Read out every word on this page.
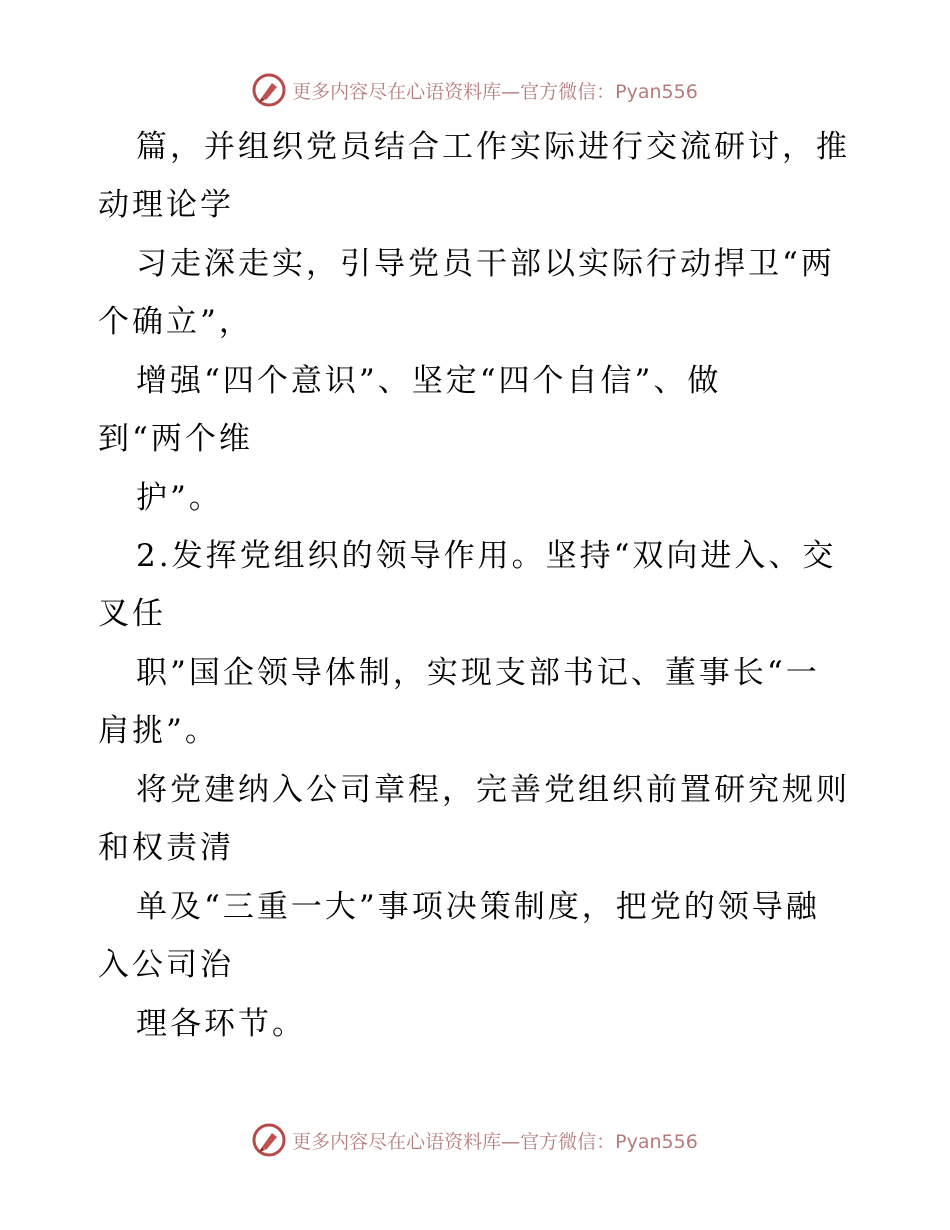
更多内容尽在心语资料库—官方微信：Pyan556
篇，并组织党员结合工作实际进行交流研讨，推
动理论学
习走深走实，引导党员干部以实际行动捍卫“两
个确立”，
增强“四个意识”、坚定“四个自信”、做
到“两个维
护”。
2.发挥党组织的领导作用。坚持“双向进入、交
叉任
职”国企领导体制，实现支部书记、董事长“一
肩挑”。
将党建纳入公司章程，完善党组织前置研究规则
和权责清
单及“三重一大”事项决策制度，把党的领导融
入公司治
理各环节。
更多内容尽在心语资料库—官方微信：Pyan556
